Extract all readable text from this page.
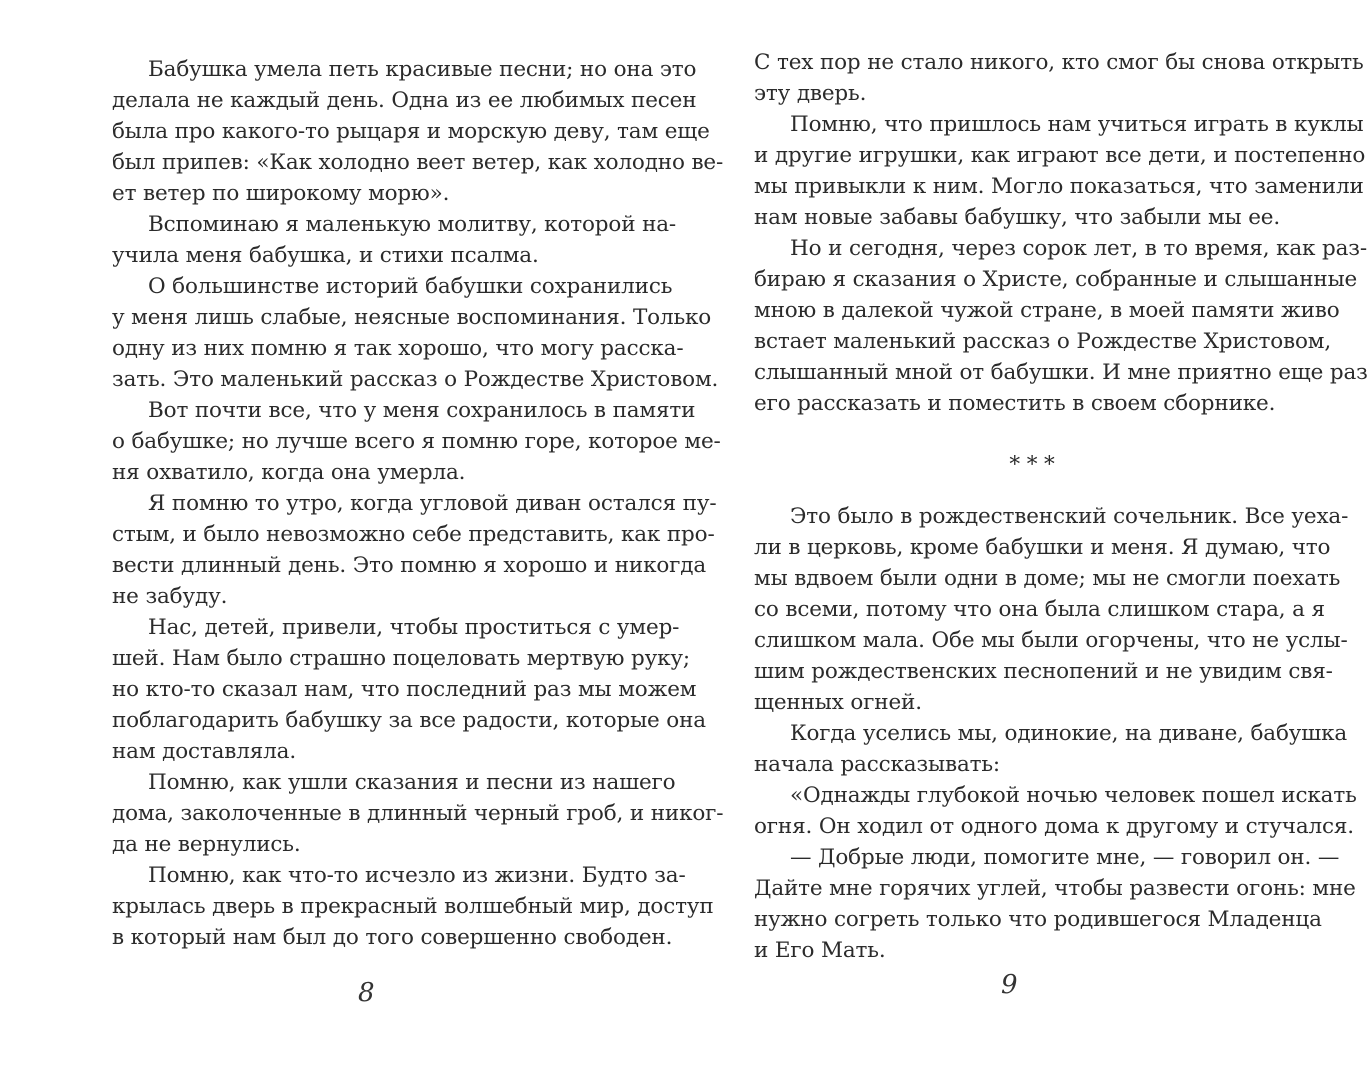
Бабушка умела петь красивые песни; но она это
делала не каждый день. Одна из ее любимых песен
была про какого-то рыцаря и морскую деву, там еще
был припев: «Как холодно веет ветер, как холодно ве-
ет ветер по широкому морю».
Вспоминаю я маленькую молитву, которой на-
учила меня бабушка, и стихи псалма.
О большинстве историй бабушки сохранились
у меня лишь слабые, неясные воспоминания. Только
одну из них помню я так хорошо, что могу расска-
зать. Это маленький рассказ о Рождестве Христовом.
Вот почти все, что у меня сохранилось в памяти
о бабушке; но лучше всего я помню горе, которое ме-
ня охватило, когда она умерла.
Я помню то утро, когда угловой диван остался пу-
стым, и было невозможно себе представить, как про-
вести длинный день. Это помню я хорошо и никогда
не забуду.
Нас, детей, привели, чтобы проститься с умер-
шей. Нам было страшно поцеловать мертвую руку;
но кто-то сказал нам, что последний раз мы можем
поблагодарить бабушку за все радости, которые она
нам доставляла.
Помню, как ушли сказания и песни из нашего
дома, заколоченные в длинный черный гроб, и никог-
да не вернулись.
Помню, как что-то исчезло из жизни. Будто за-
крылась дверь в прекрасный волшебный мир, доступ
в который нам был до того совершенно свободен.
8
С тех пор не стало никого, кто смог бы снова открыть
эту дверь.
Помню, что пришлось нам учиться играть в куклы
и другие игрушки, как играют все дети, и постепенно
мы привыкли к ним. Могло показаться, что заменили
нам новые забавы бабушку, что забыли мы ее.
Но и сегодня, через сорок лет, в то время, как раз-
бираю я сказания о Христе, собранные и слышанные
мною в далекой чужой стране, в моей памяти живо
встает маленький рассказ о Рождестве Христовом,
слышанный мной от бабушки. И мне приятно еще раз
его рассказать и поместить в своем сборнике.
* * *
Это было в рождественский сочельник. Все уеха-
ли в церковь, кроме бабушки и меня. Я думаю, что
мы вдвоем были одни в доме; мы не смогли поехать
со всеми, потому что она была слишком стара, а я
слишком мала. Обе мы были огорчены, что не услы-
шим рождественских песнопений и не увидим свя-
щенных огней.
Когда уселись мы, одинокие, на диване, бабушка
начала рассказывать:
«Однажды глубокой ночью человек пошел искать
огня. Он ходил от одного дома к другому и стучался.
— Добрые люди, помогите мне, — говорил он. —
Дайте мне горячих углей, чтобы развести огонь: мне
нужно согреть только что родившегося Младенца
и Его Мать.
9
